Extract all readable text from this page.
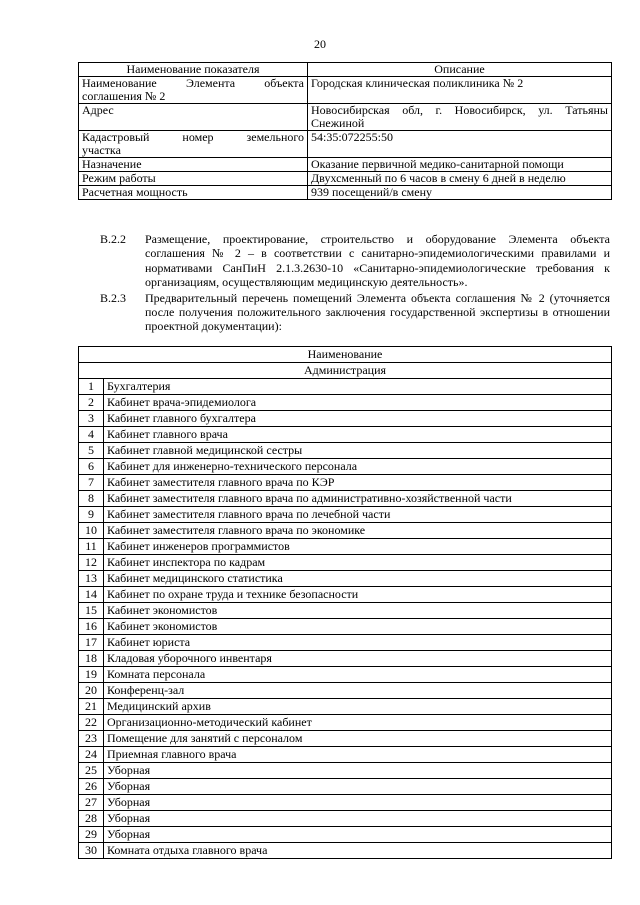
20
Наименование показателя	Описание

Наименование Элемента объекта
соглашения № 2	Городская клиническая поликлиника № 2

Адрес	Новосибирская обл, г. Новосибирск, ул. Татьяны
Снежиной

Кадастровый номер земельного
участка	54:35:072255:50

Назначение	Оказание первичной медико-санитарной помощи

Режим работы	Двухсменный по 6 часов в смену 6 дней в неделю

Расчетная мощность	939 посещений/в смену
В.2.2	Размещение, проектирование, строительство и оборудование Элемента объекта соглашения № 2 – в соответствии с санитарно-эпидемиологическими правилами и нормативами СанПиН 2.1.3.2630-10 «Санитарно-эпидемиологические требования к организациям, осуществляющим медицинскую деятельность».
В.2.3	Предварительный перечень помещений Элемента объекта соглашения № 2 (уточняется после получения положительного заключения государственной экспертизы в отношении проектной документации):
Наименование	
Администрация	
1	Бухгалтерия
2	Кабинет врача-эпидемиолога
3	Кабинет главного бухгалтера
4	Кабинет главного врача
5	Кабинет главной медицинской сестры
6	Кабинет для инженерно-технического персонала
7	Кабинет заместителя главного врача по КЭР
8	Кабинет заместителя главного врача по административно-хозяйственной части
9	Кабинет заместителя главного врача по лечебной части
10	Кабинет заместителя главного врача по экономике
11	Кабинет инженеров программистов
12	Кабинет инспектора по кадрам
13	Кабинет медицинского статистика
14	Кабинет по охране труда и технике безопасности
15	Кабинет экономистов
16	Кабинет экономистов
17	Кабинет юриста
18	Кладовая уборочного инвентаря
19	Комната персонала
20	Конференц-зал
21	Медицинский архив
22	Организационно-методический кабинет
23	Помещение для занятий с персоналом
24	Приемная главного врача
25	Уборная
26	Уборная
27	Уборная
28	Уборная
29	Уборная
30	Комната отдыха главного врача
